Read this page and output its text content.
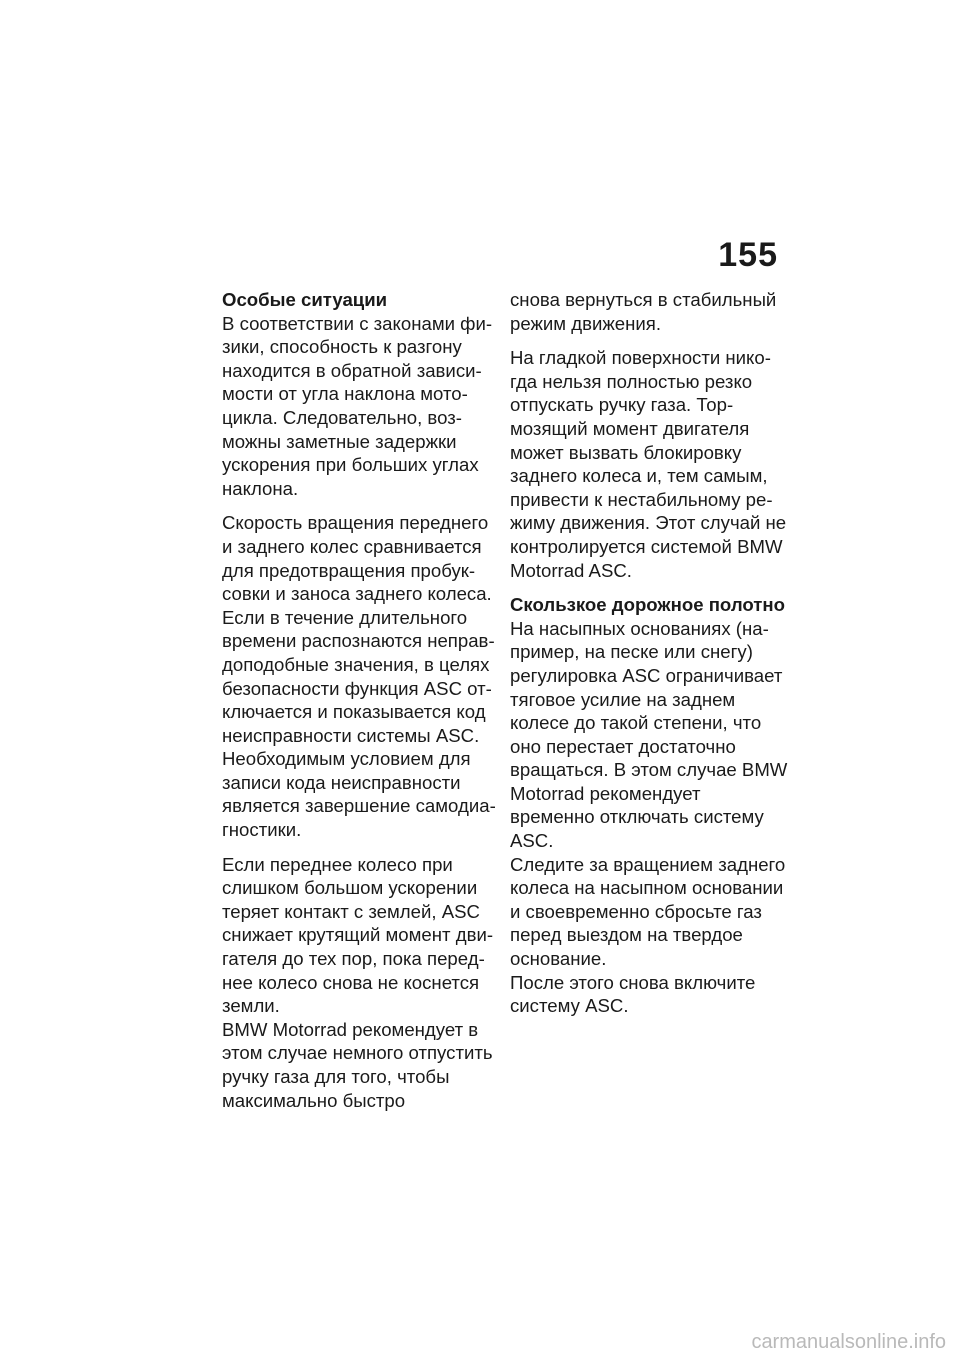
155
Особые ситуации

В соответствии с законами физики, способность к разгону находится в обратной зависимости от угла наклона мотоцикла. Следовательно, возможны заметные задержки ускорения при больших углах наклона.

Скорость вращения переднего и заднего колес сравнивается для предотвращения пробуксовки и заноса заднего колеса. Если в течение длительного времени распознаются неправдоподобные значения, в целях безопасности функция ASC отключается и показывается код неисправности системы ASC. Необходимым условием для записи кода неисправности является завершение самодиагностики.

Если переднее колесо при слишком большом ускорении теряет контакт с землей, ASC снижает крутящий момент двигателя до тех пор, пока переднее колесо снова не коснется земли.

BMW Motorrad рекомендует в этом случае немного отпустить ручку газа для того, чтобы максимально быстро

снова вернуться в стабильный режим движения.

На гладкой поверхности никогда нельзя полностью резко отпускать ручку газа. Тормозящий момент двигателя может вызвать блокировку заднего колеса и, тем самым, привести к нестабильному режиму движения. Этот случай не контролируется системой BMW Motorrad ASC.

Скользкое дорожное полотно

На насыпных основаниях (например, на песке или снегу) регулировка ASC ограничивает тяговое усилие на заднем колесе до такой степени, что оно перестает достаточно вращаться. В этом случае BMW Motorrad рекомендует временно отключать систему ASC.

Следите за вращением заднего колеса на насыпном основании и своевременно сбросьте газ перед выездом на твердое основание.

После этого снова включите систему ASC.

carmanualsonline.info
